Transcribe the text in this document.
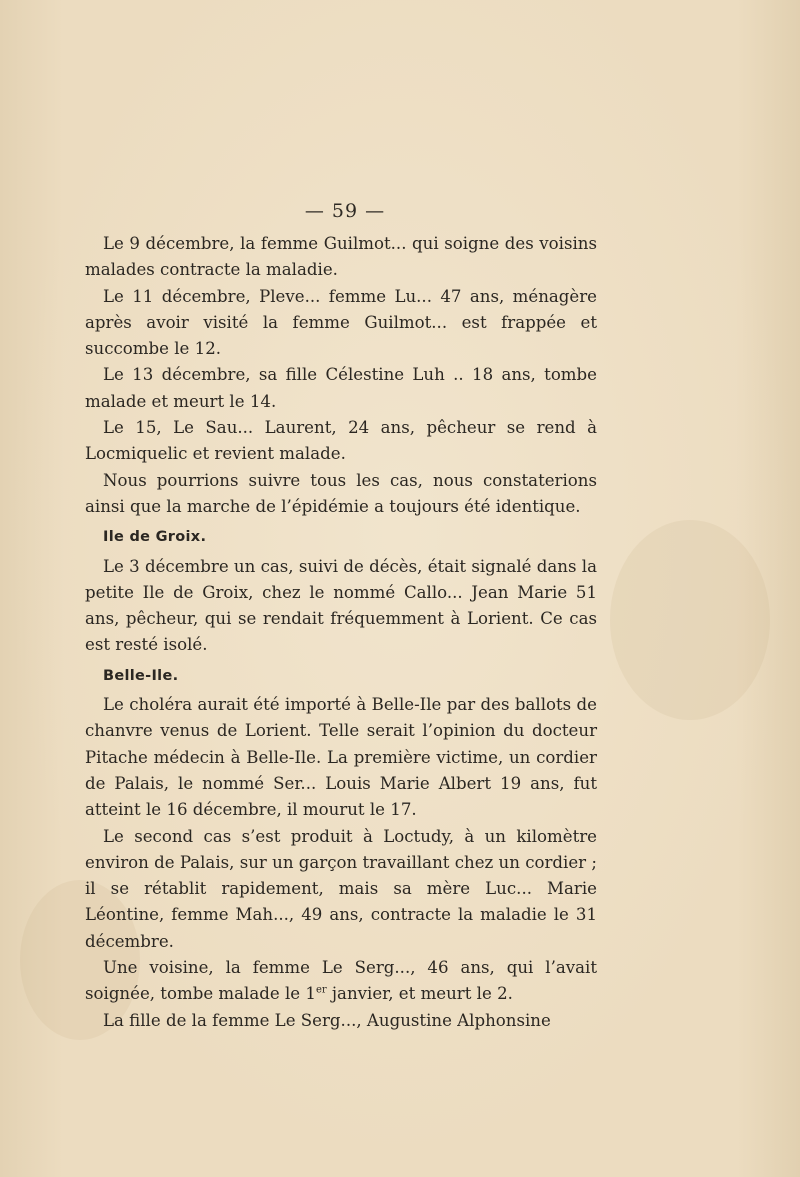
— 59 —

Le 9 décembre, la femme Guilmot... qui soigne des voisins malades contracte la maladie.

Le 11 décembre, Pleve... femme Lu... 47 ans, ménagère après avoir visité la femme Guilmot... est frappée et succombe le 12.

Le 13 décembre, sa fille Célestine Luh .. 18 ans, tombe malade et meurt le 14.

Le 15, Le Sau... Laurent, 24 ans, pêcheur se rend à Locmiquelic et revient malade.

Nous pourrions suivre tous les cas, nous constaterions ainsi que la marche de l’épidémie a toujours été identique.

Ile de Groix.

Le 3 décembre un cas, suivi de décès, était signalé dans la petite Ile de Groix, chez le nommé Callo... Jean Marie 51 ans, pêcheur, qui se rendait fréquemment à Lorient. Ce cas est resté isolé.

Belle-Ile.

Le choléra aurait été importé à Belle-Ile par des ballots de chanvre venus de Lorient. Telle serait l’opinion du docteur Pitache médecin à Belle-Ile. La première victime, un cordier de Palais, le nommé Ser... Louis Marie Albert 19 ans, fut atteint le 16 décembre, il mourut le 17.

Le second cas s’est produit à Loctudy, à un kilomètre environ de Palais, sur un garçon travaillant chez un cordier ; il se rétablit rapidement, mais sa mère Luc... Marie Léontine, femme Mah..., 49 ans, contracte la maladie le 31 décembre.

Une voisine, la femme Le Serg..., 46 ans, qui l’avait soignée, tombe malade le 1er janvier, et meurt le 2.

La fille de la femme Le Serg..., Augustine Alphonsine
